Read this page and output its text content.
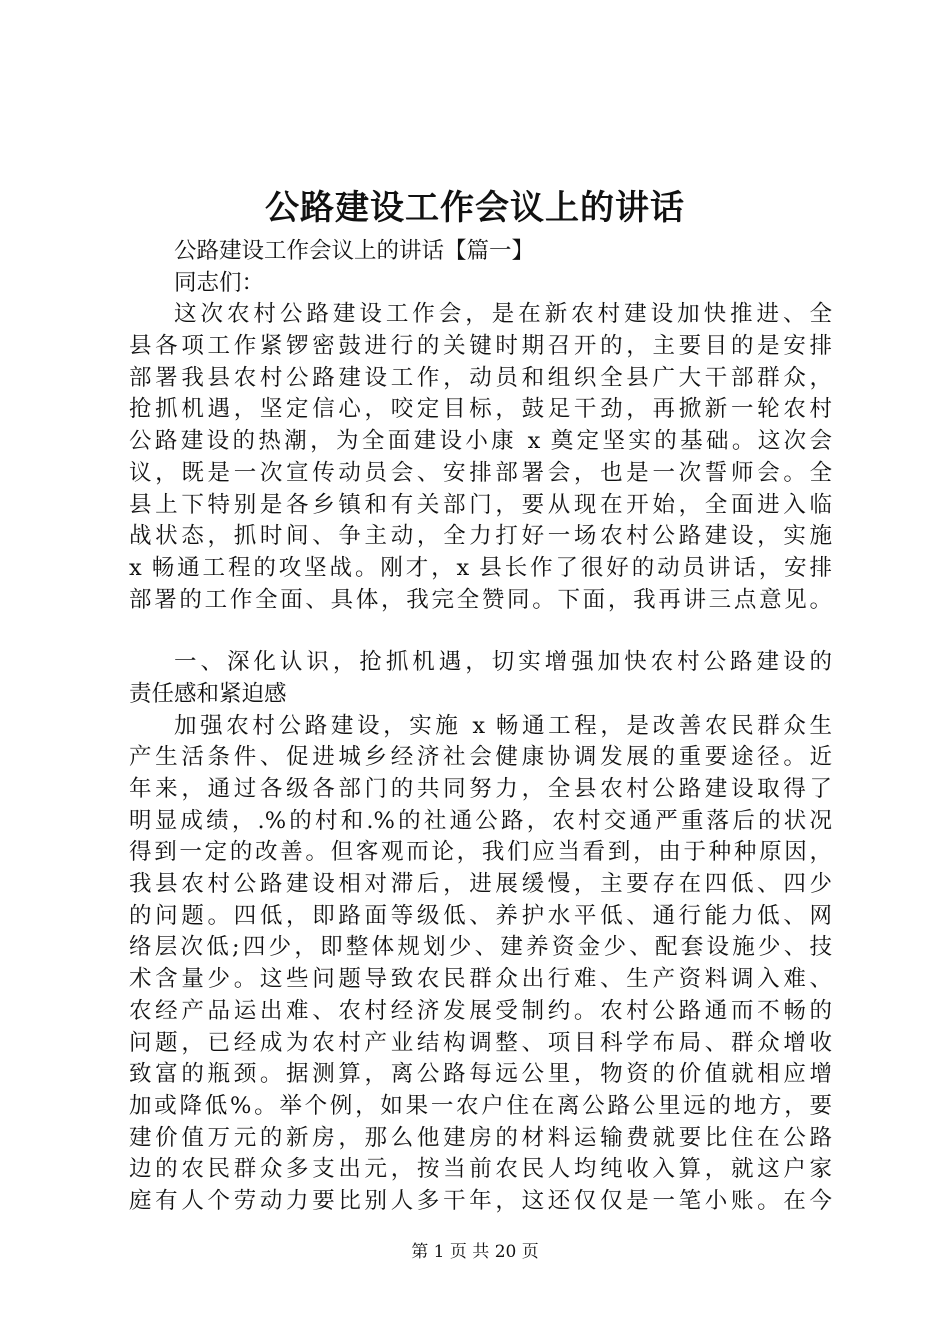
公路建设工作会议上的讲话
公路建设工作会议上的讲话【篇一】
同志们：
这次农村公路建设工作会，是在新农村建设加快推进、全
县各项工作紧锣密鼓进行的关键时期召开的，主要目的是安排
部署我县农村公路建设工作，动员和组织全县广大干部群众，
抢抓机遇，坚定信心，咬定目标，鼓足干劲，再掀新一轮农村
公路建设的热潮，为全面建设小康 x 奠定坚实的基础。这次会
议，既是一次宣传动员会、安排部署会，也是一次誓师会。全
县上下特别是各乡镇和有关部门，要从现在开始，全面进入临
战状态，抓时间、争主动，全力打好一场农村公路建设，实施
x 畅通工程的攻坚战。刚才，x 县长作了很好的动员讲话，安排
部署的工作全面、具体，我完全赞同。下面，我再讲三点意见。
一、深化认识，抢抓机遇，切实增强加快农村公路建设的
责任感和紧迫感
加强农村公路建设，实施 x 畅通工程，是改善农民群众生
产生活条件、促进城乡经济社会健康协调发展的重要途径。近
年来，通过各级各部门的共同努力，全县农村公路建设取得了
明显成绩，.%的村和.%的社通公路，农村交通严重落后的状况
得到一定的改善。但客观而论，我们应当看到，由于种种原因，
我县农村公路建设相对滞后，进展缓慢，主要存在四低、四少
的问题。四低，即路面等级低、养护水平低、通行能力低、网
络层次低;四少，即整体规划少、建养资金少、配套设施少、技
术含量少。这些问题导致农民群众出行难、生产资料调入难、
农经产品运出难、农村经济发展受制约。农村公路通而不畅的
问题，已经成为农村产业结构调整、项目科学布局、群众增收
致富的瓶颈。据测算，离公路每远公里，物资的价值就相应增
加或降低%。举个例，如果一农户住在离公路公里远的地方，要
建价值万元的新房，那么他建房的材料运输费就要比住在公路
边的农民群众多支出元，按当前农民人均纯收入算，就这户家
庭有人个劳动力要比别人多干年，这还仅仅是一笔小账。在今
第 1 页 共 20 页
